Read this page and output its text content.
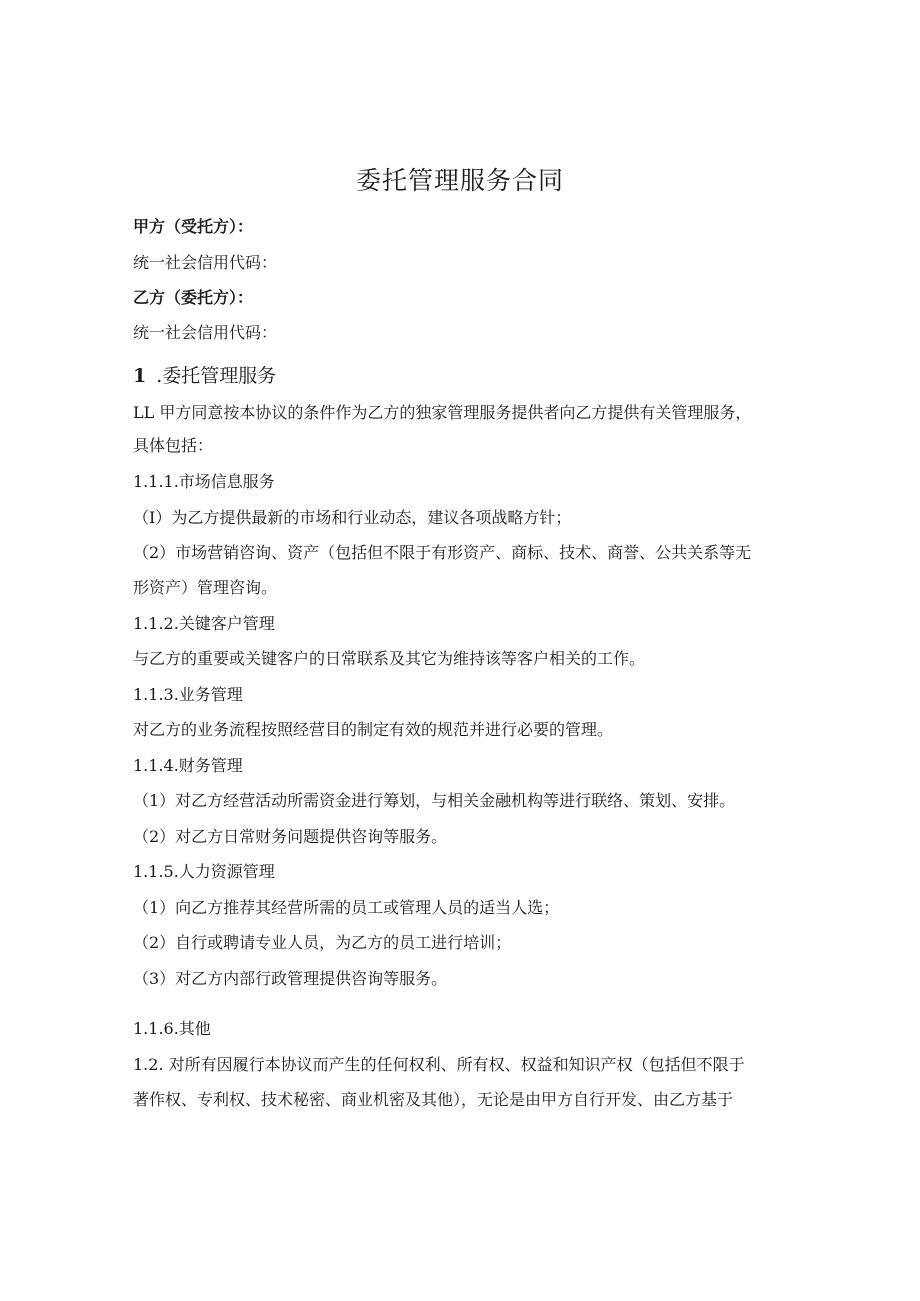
委托管理服务合同

甲方（受托方）：

统一社会信用代码：

乙方（委托方）：

统一社会信用代码：

1 .委托管理服务

LL 甲方同意按本协议的条件作为乙方的独家管理服务提供者向乙方提供有关管理服务，

具体包括：

1.1.1.市场信息服务

（I）为乙方提供最新的市场和行业动态，建议各项战略方针；

（2）市场营销咨询、资产（包括但不限于有形资产、商标、技术、商誉、公共关系等无

形资产）管理咨询。

1.1.2.关键客户管理

与乙方的重要或关键客户的日常联系及其它为维持该等客户相关的工作。

1.1.3.业务管理

对乙方的业务流程按照经营目的制定有效的规范并进行必要的管理。

1.1.4.财务管理

（1）对乙方经营活动所需资金进行筹划，与相关金融机构等进行联络、策划、安排。

（2）对乙方日常财务问题提供咨询等服务。

1.1.5.人力资源管理

（1）向乙方推荐其经营所需的员工或管理人员的适当人选；

（2）自行或聘请专业人员，为乙方的员工进行培训；

（3）对乙方内部行政管理提供咨询等服务。

1.1.6.其他

1.2. 对所有因履行本协议而产生的任何权利、所有权、权益和知识产权（包括但不限于

著作权、专利权、技术秘密、商业机密及其他），无论是由甲方自行开发、由乙方基于
